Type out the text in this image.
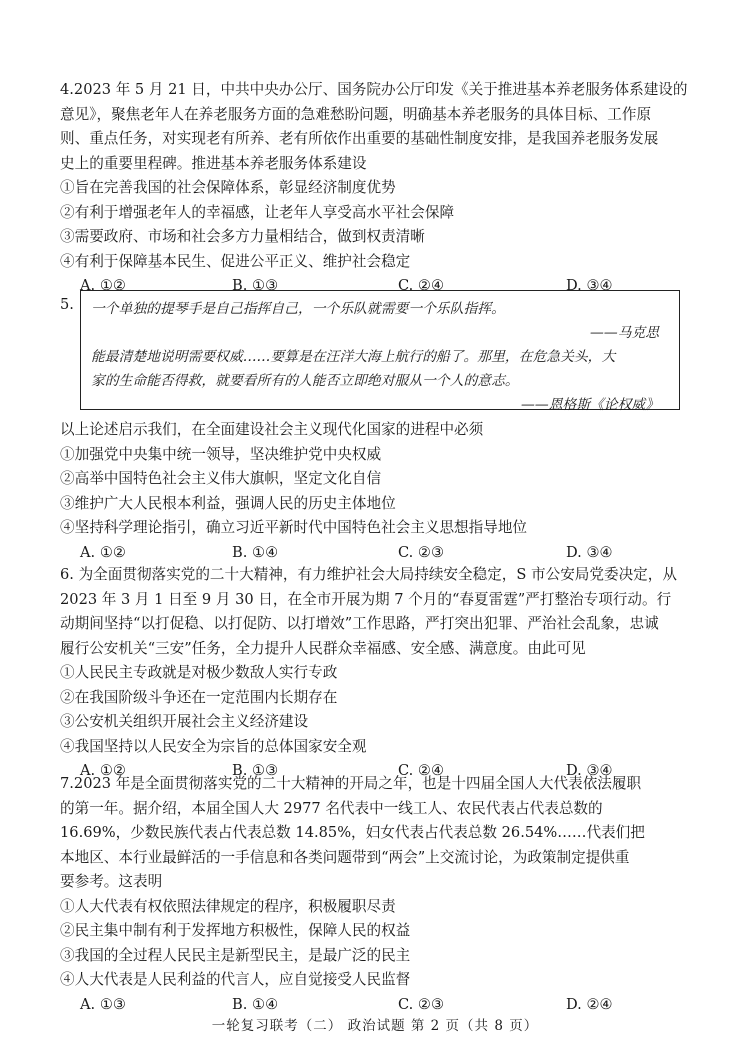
4.2023 年 5 月 21 日，中共中央办公厅、国务院办公厅印发《关于推进基本养老服务体系建设的
意见》，聚焦老年人在养老服务方面的急难愁盼问题，明确基本养老服务的具体目标、工作原
则、重点任务，对实现老有所养、老有所依作出重要的基础性制度安排，是我国养老服务发展
史上的重要里程碑。推进基本养老服务体系建设
①旨在完善我国的社会保障体系，彰显经济制度优势
②有利于增强老年人的幸福感，让老年人享受高水平社会保障
③需要政府、市场和社会多方力量相结合，做到权责清晰
④有利于保障基本民生、促进公平正义、维护社会稳定
A. ①②	B. ①③	C. ②④	D. ③④
5. 一个单独的提琴手是自己指挥自己，一个乐队就需要一个乐队指挥。
——马克思
能最清楚地说明需要权威……要算是在汪洋大海上航行的船了。那里，在危急关头，大
家的生命能否得救，就要看所有的人能否立即绝对服从一个人的意志。
——恩格斯《论权威》
以上论述启示我们，在全面建设社会主义现代化国家的进程中必须
①加强党中央集中统一领导，坚决维护党中央权威
②高举中国特色社会主义伟大旗帜，坚定文化自信
③维护广大人民根本利益，强调人民的历史主体地位
④坚持科学理论指引，确立习近平新时代中国特色社会主义思想指导地位
A. ①②	B. ①④	C. ②③	D. ③④
6. 为全面贯彻落实党的二十大精神，有力维护社会大局持续安全稳定，S 市公安局党委决定，从
2023 年 3 月 1 日至 9 月 30 日，在全市开展为期 7 个月的“春夏雷霆”严打整治专项行动。行
动期间坚持“以打促稳、以打促防、以打增效”工作思路，严打突出犯罪、严治社会乱象，忠诚
履行公安机关“三安”任务，全力提升人民群众幸福感、安全感、满意度。由此可见
①人民民主专政就是对极少数敌人实行专政
②在我国阶级斗争还在一定范围内长期存在
③公安机关组织开展社会主义经济建设
④我国坚持以人民安全为宗旨的总体国家安全观
A. ①②	B. ①③	C. ②④	D. ③④
7.2023 年是全面贯彻落实党的二十大精神的开局之年，也是十四届全国人大代表依法履职
的第一年。据介绍，本届全国人大 2977 名代表中一线工人、农民代表占代表总数的
16.69%，少数民族代表占代表总数 14.85%，妇女代表占代表总数 26.54%……代表们把
本地区、本行业最鲜活的一手信息和各类问题带到“两会”上交流讨论，为政策制定提供重
要参考。这表明
①人大代表有权依照法律规定的程序，积极履职尽责
②民主集中制有利于发挥地方积极性，保障人民的权益
③我国的全过程人民民主是新型民主，是最广泛的民主
④人大代表是人民利益的代言人，应自觉接受人民监督
A. ①③	B. ①④	C. ②③	D. ②④
一轮复习联考（二） 政治试题 第 2 页（共 8 页）
